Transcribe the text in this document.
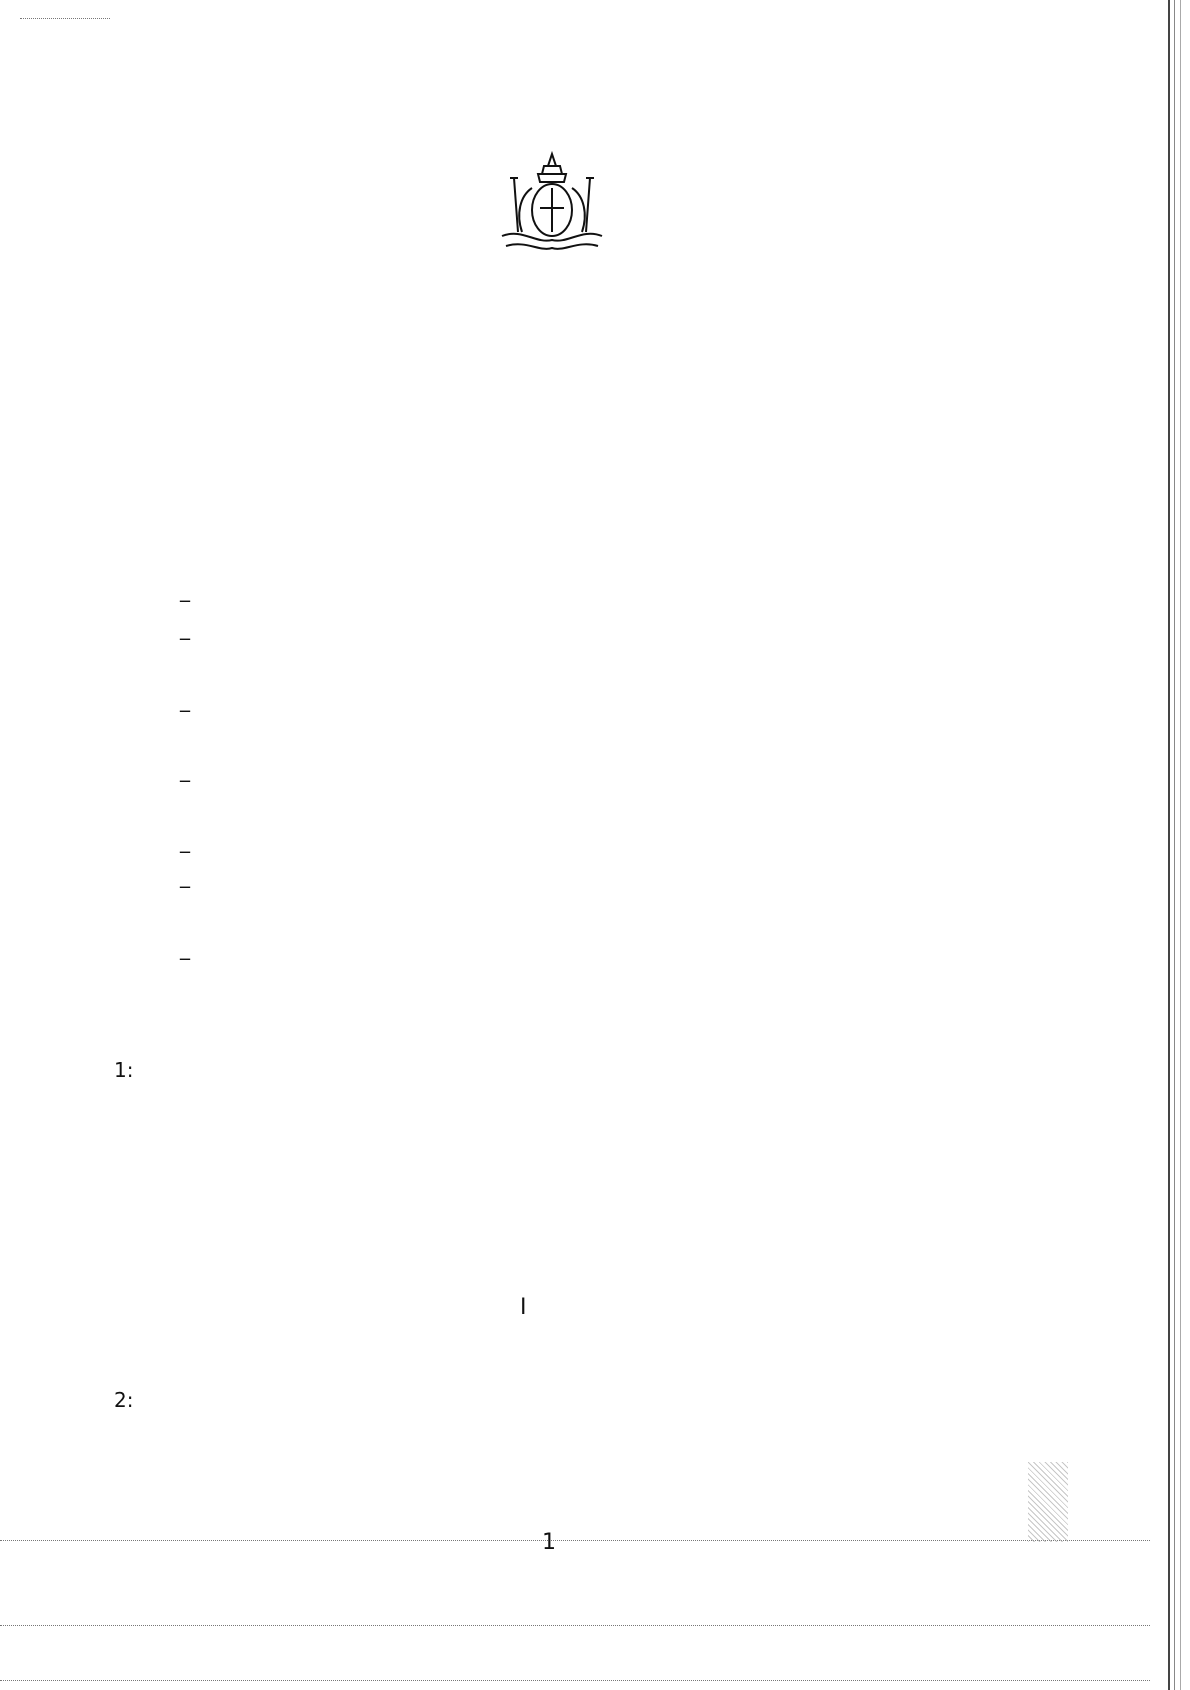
_
_
_
_
_
_
_
1:

I
2:

1
